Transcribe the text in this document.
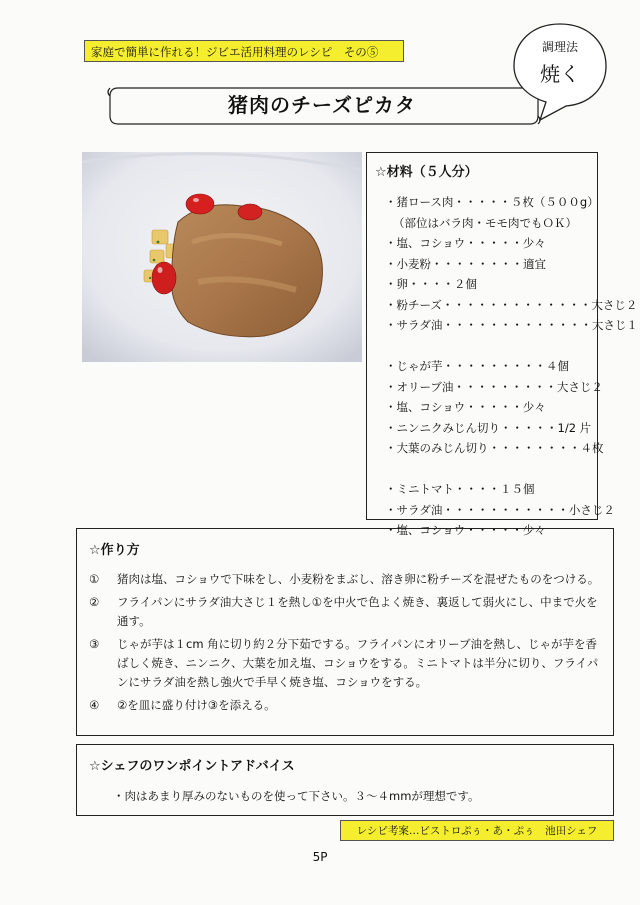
家庭で簡単に作れる！ジビエ活用料理のレシピ　その⑤
猪肉のチーズピカタ
調理法
焼く
☆材料（５人分）
・猪ロース肉・・・・・５枚（５００g）
（部位はバラ肉・モモ肉でもＯＫ）
・塩、コショウ・・・・・少々
・小麦粉・・・・・・・・適宜
・卵・・・・２個
・粉チーズ・・・・・・・・・・・・・大さじ２
・サラダ油・・・・・・・・・・・・・大さじ１
・じゃが芋・・・・・・・・・４個
・オリーブ油・・・・・・・・・大さじ２
・塩、コショウ・・・・・少々
・ニンニクみじん切り・・・・・1/2 片
・大葉のみじん切り・・・・・・・・４枚
・ミニトマト・・・・１５個
・サラダ油・・・・・・・・・・・小さじ２
・塩、コショウ・・・・・少々
☆作り方
①	猪肉は塩、コショウで下味をし、小麦粉をまぶし、溶き卵に粉チーズを混ぜたものをつける。
②	フライパンにサラダ油大さじ１を熱し①を中火で色よく焼き、裏返して弱火にし、中まで火を通す。
③	じゃが芋は１cm 角に切り約２分下茹でする。フライパンにオリーブ油を熱し、じゃが芋を香ばしく焼き、ニンニク、大葉を加え塩、コショウをする。ミニトマトは半分に切り、フライパンにサラダ油を熱し強火で手早く焼き塩、コショウをする。
④	②を皿に盛り付け③を添える。
☆シェフのワンポイントアドバイス
・肉はあまり厚みのないものを使って下さい。３～４mmが理想です。
レシピ考案…ビストロぷぅ・あ・ぷぅ　池田シェフ
5P
